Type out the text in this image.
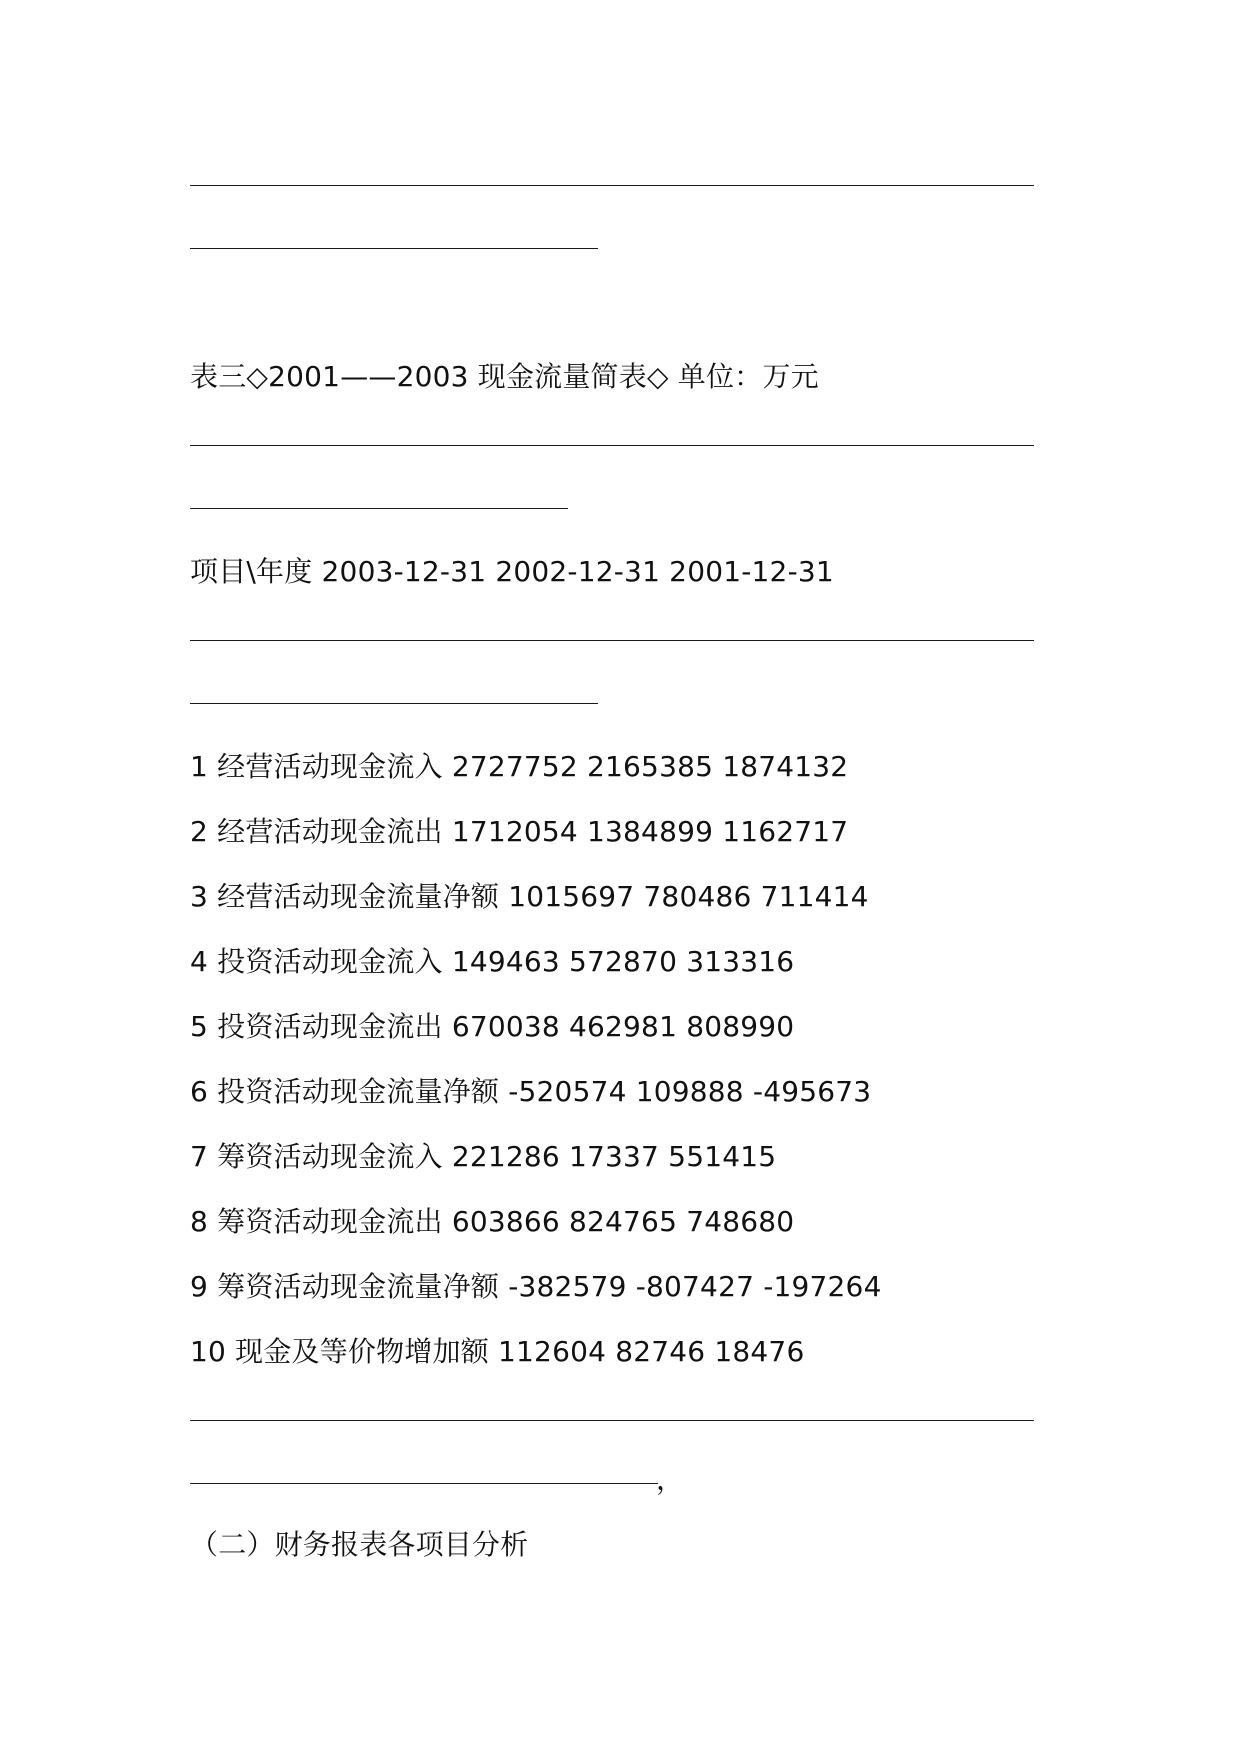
表三◇2001——2003 现金流量简表◇ 单位：万元
项目\年度 2003-12-31 2002-12-31 2001-12-31
1 经营活动现金流入 2727752 2165385 1874132
2 经营活动现金流出 1712054 1384899 1162717
3 经营活动现金流量净额 1015697 780486 711414
4 投资活动现金流入 149463 572870 313316
5 投资活动现金流出 670038 462981 808990
6 投资活动现金流量净额 -520574 109888 -495673
7 筹资活动现金流入 221286 17337 551415
8 筹资活动现金流出 603866 824765 748680
9 筹资活动现金流量净额 -382579 -807427 -197264
10 现金及等价物增加额 112604 82746 18476
，
（二）财务报表各项目分析
